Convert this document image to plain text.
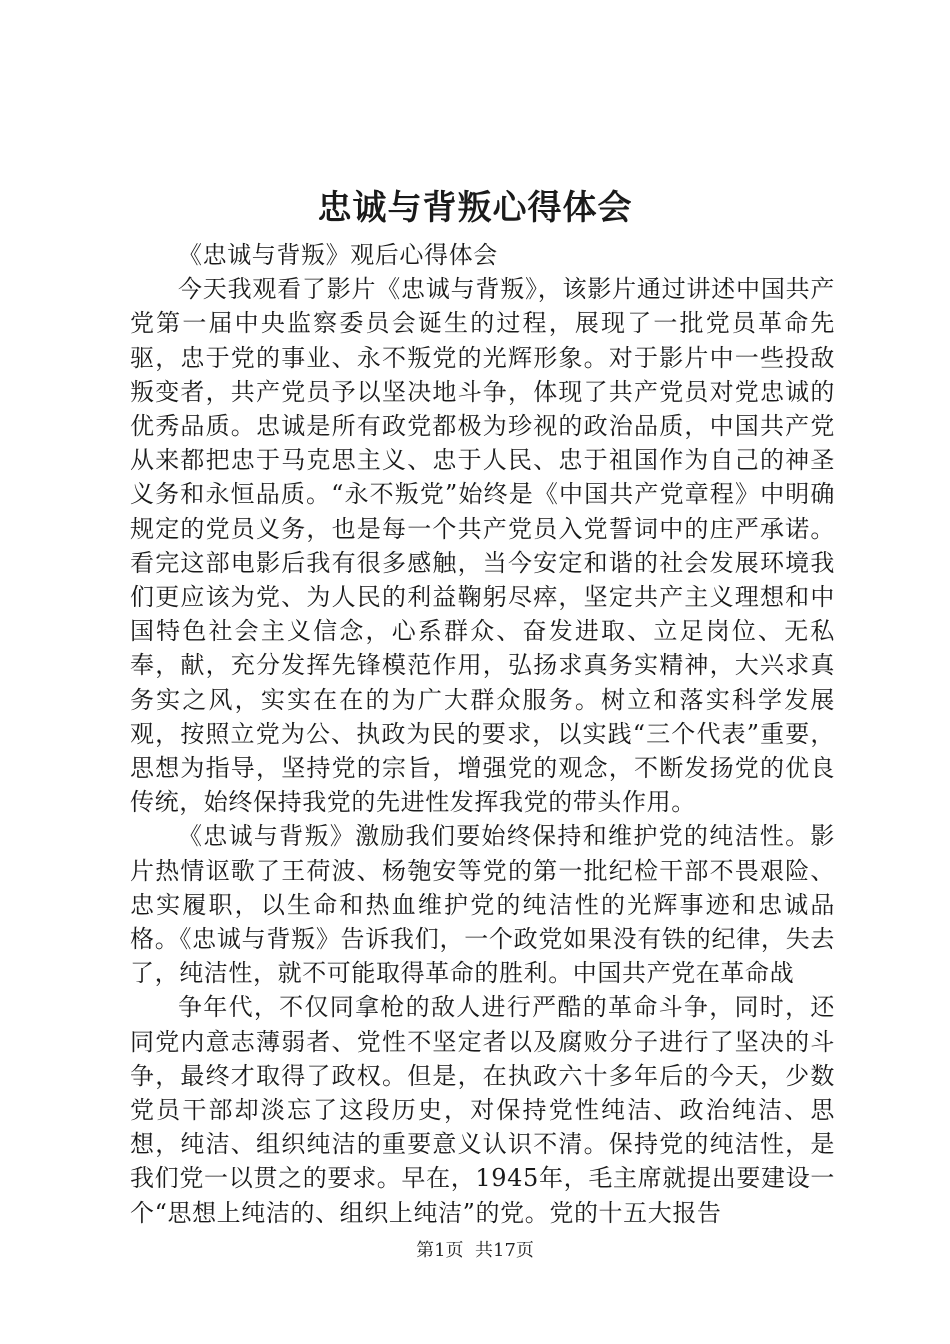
忠诚与背叛心得体会

《忠诚与背叛》观后心得体会

今天我观看了影片《忠诚与背叛》，该影片通过讲述中国共产党第一届中央监察委员会诞生的过程，展现了一批党员革命先驱，忠于党的事业、永不叛党的光辉形象。对于影片中一些投敌叛变者，共产党员予以坚决地斗争，体现了共产党员对党忠诚的优秀品质。忠诚是所有政党都极为珍视的政治品质，中国共产党从来都把忠于马克思主义、忠于人民、忠于祖国作为自己的神圣义务和永恒品质。“永不叛党”始终是《中国共产党章程》中明确规定的党员义务，也是每一个共产党员入党誓词中的庄严承诺。看完这部电影后我有很多感触，当今安定和谐的社会发展环境我们更应该为党、为人民的利益鞠躬尽瘁，坚定共产主义理想和中国特色社会主义信念，心系群众、奋发进取、立足岗位、无私奉，献，充分发挥先锋模范作用，弘扬求真务实精神，大兴求真务实之风，实实在在的为广大群众服务。树立和落实科学发展观，按照立党为公、执政为民的要求，以实践“三个代表”重要，思想为指导，坚持党的宗旨，增强党的观念，不断发扬党的优良传统，始终保持我党的先进性发挥我党的带头作用。

《忠诚与背叛》激励我们要始终保持和维护党的纯洁性。影片热情讴歌了王荷波、杨匏安等党的第一批纪检干部不畏艰险、忠实履职，以生命和热血维护党的纯洁性的光辉事迹和忠诚品格。《忠诚与背叛》告诉我们，一个政党如果没有铁的纪律，失去了，纯洁性，就不可能取得革命的胜利。中国共产党在革命战

争年代，不仅同拿枪的敌人进行严酷的革命斗争，同时，还同党内意志薄弱者、党性不坚定者以及腐败分子进行了坚决的斗争，最终才取得了政权。但是，在执政六十多年后的今天，少数党员干部却淡忘了这段历史，对保持党性纯洁、政治纯洁、思想，纯洁、组织纯洁的重要意义认识不清。保持党的纯洁性，是我们党一以贯之的要求。早在，1945年，毛主席就提出要建设一个“思想上纯洁的、组织上纯洁”的党。党的十五大报告

第1页  共17页
